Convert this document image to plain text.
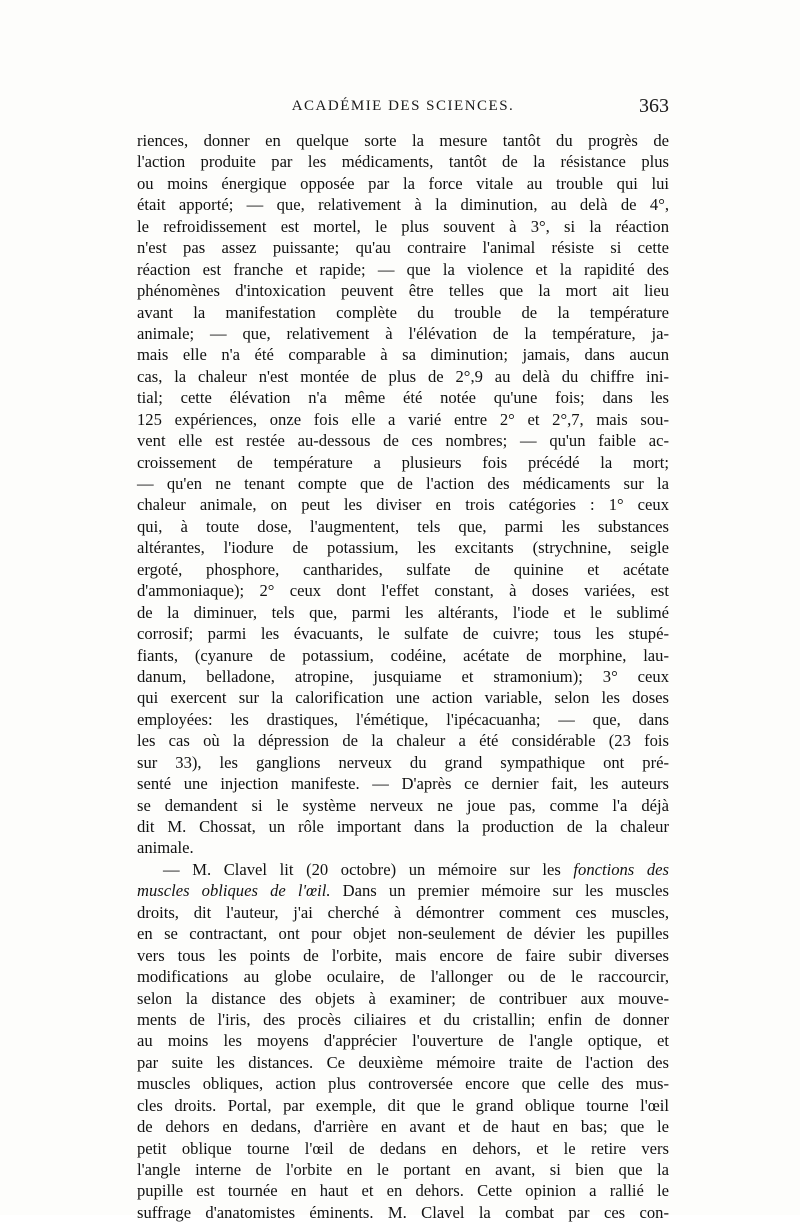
ACADÉMIE DES SCIENCES.	363
riences, donner en quelque sorte la mesure tantôt du progrès de
l'action produite par les médicaments, tantôt de la résistance plus
ou moins énergique opposée par la force vitale au trouble qui lui
était apporté; — que, relativement à la diminution, au delà de 4°,
le refroidissement est mortel, le plus souvent à 3°, si la réaction
n'est pas assez puissante; qu'au contraire l'animal résiste si cette
réaction est franche et rapide; — que la violence et la rapidité des
phénomènes d'intoxication peuvent être telles que la mort ait lieu
avant la manifestation complète du trouble de la température
animale; — que, relativement à l'élévation de la température, ja-
mais elle n'a été comparable à sa diminution; jamais, dans aucun
cas, la chaleur n'est montée de plus de 2°,9 au delà du chiffre ini-
tial; cette élévation n'a même été notée qu'une fois; dans les
125 expériences, onze fois elle a varié entre 2° et 2°,7, mais sou-
vent elle est restée au-dessous de ces nombres; — qu'un faible ac-
croissement de température a plusieurs fois précédé la mort;
— qu'en ne tenant compte que de l'action des médicaments sur la
chaleur animale, on peut les diviser en trois catégories : 1° ceux
qui, à toute dose, l'augmentent, tels que, parmi les substances
altérantes, l'iodure de potassium, les excitants (strychnine, seigle
ergoté, phosphore, cantharides, sulfate de quinine et acétate
d'ammoniaque); 2° ceux dont l'effet constant, à doses variées, est
de la diminuer, tels que, parmi les altérants, l'iode et le sublimé
corrosif; parmi les évacuants, le sulfate de cuivre; tous les stupé-
fiants, (cyanure de potassium, codéine, acétate de morphine, lau-
danum, belladone, atropine, jusquiame et stramonium); 3° ceux
qui exercent sur la calorification une action variable, selon les doses
employées: les drastiques, l'émétique, l'ipécacuanha; — que, dans
les cas où la dépression de la chaleur a été considérable (23 fois
sur 33), les ganglions nerveux du grand sympathique ont pré-
senté une injection manifeste. — D'après ce dernier fait, les auteurs
se demandent si le système nerveux ne joue pas, comme l'a déjà
dit M. Chossat, un rôle important dans la production de la chaleur
animale.
— M. Clavel lit (20 octobre) un mémoire sur les fonctions des
muscles obliques de l'œil. Dans un premier mémoire sur les muscles
droits, dit l'auteur, j'ai cherché à démontrer comment ces muscles,
en se contractant, ont pour objet non-seulement de dévier les pupilles
vers tous les points de l'orbite, mais encore de faire subir diverses
modifications au globe oculaire, de l'allonger ou de le raccourcir,
selon la distance des objets à examiner; de contribuer aux mouve-
ments de l'iris, des procès ciliaires et du cristallin; enfin de donner
au moins les moyens d'apprécier l'ouverture de l'angle optique, et
par suite les distances. Ce deuxième mémoire traite de l'action des
muscles obliques, action plus controversée encore que celle des mus-
cles droits. Portal, par exemple, dit que le grand oblique tourne l'œil
de dehors en dedans, d'arrière en avant et de haut en bas; que le
petit oblique tourne l'œil de dedans en dehors, et le retire vers
l'angle interne de l'orbite en le portant en avant, si bien que la
pupille est tournée en haut et en dehors. Cette opinion a rallié le
suffrage d'anatomistes éminents. M. Clavel la combat par ces con-
